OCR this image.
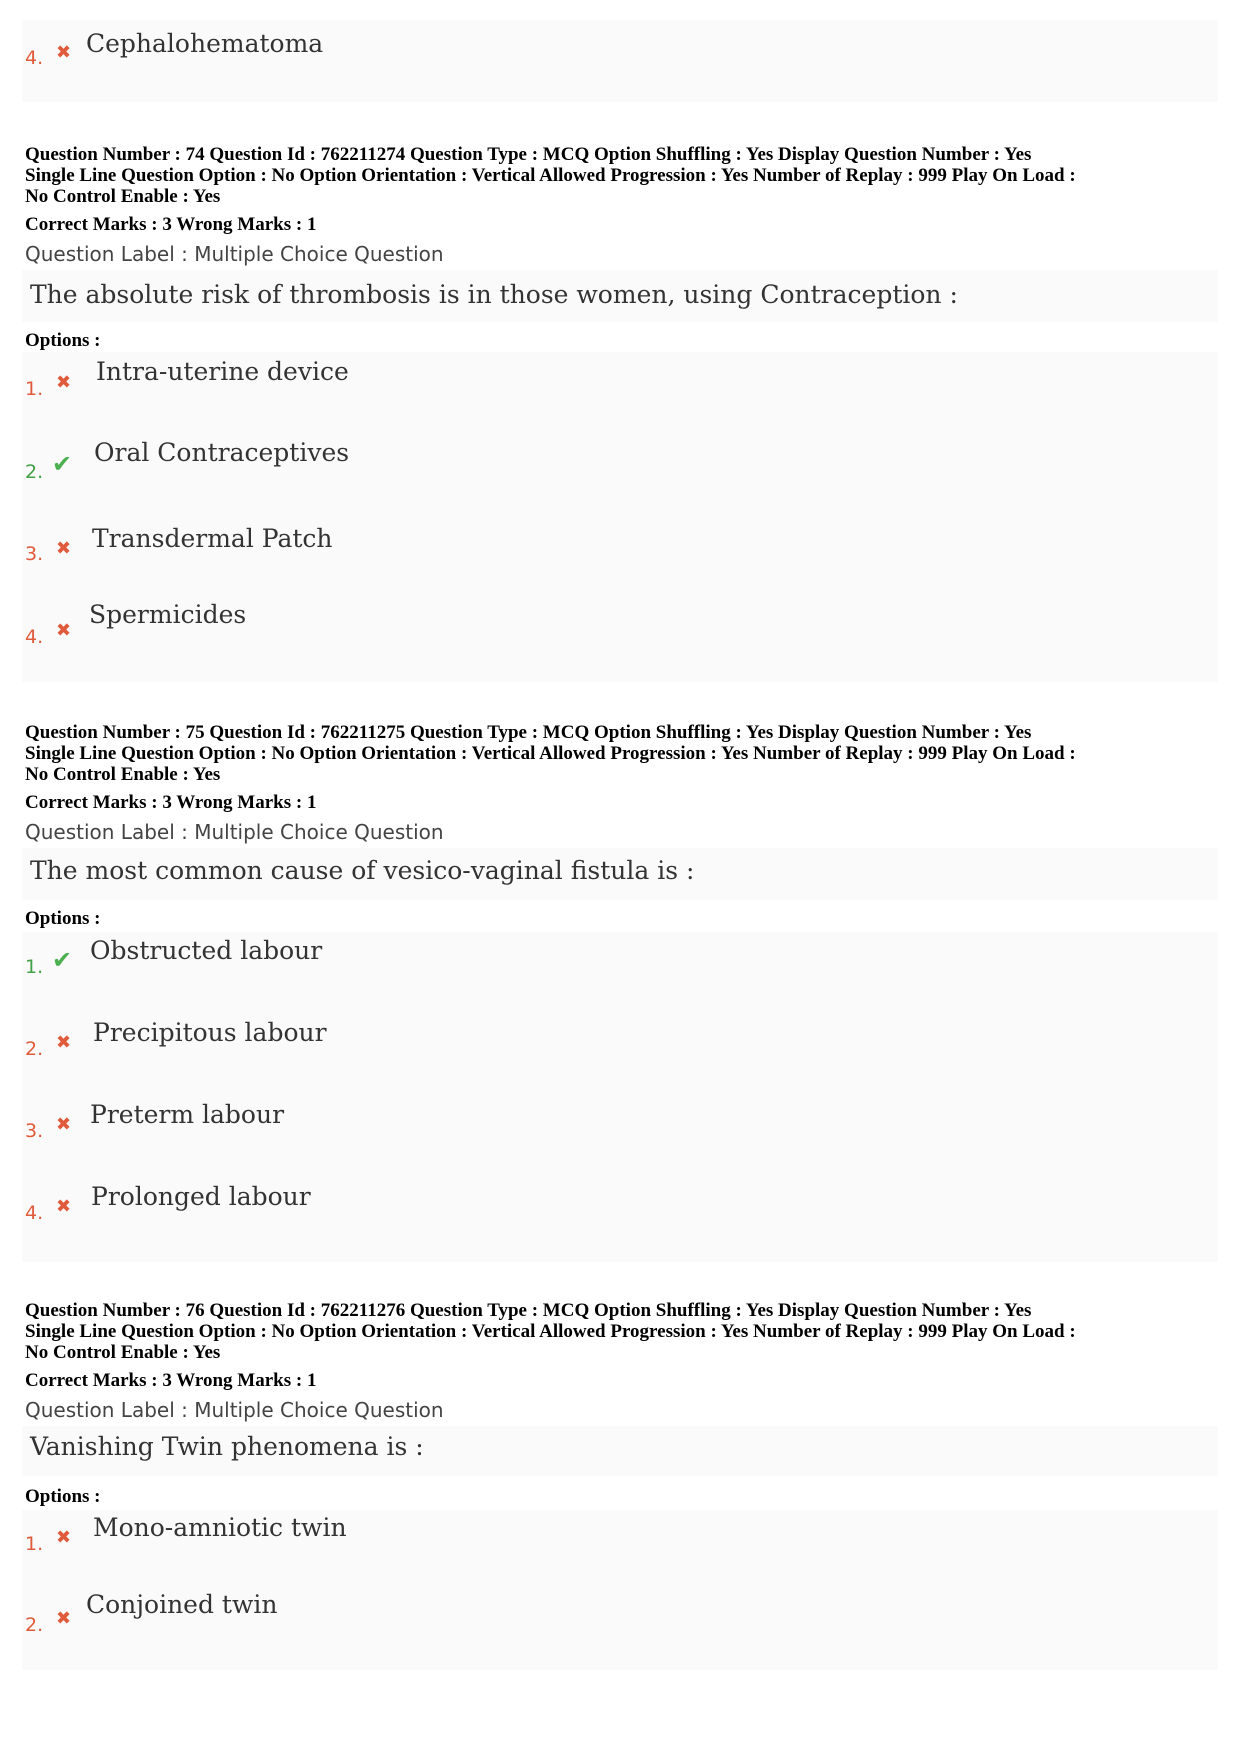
4. ✖ Cephalohematoma
Question Number : 74 Question Id : 762211274 Question Type : MCQ Option Shuffling : Yes Display Question Number : Yes
Single Line Question Option : No Option Orientation : Vertical Allowed Progression : Yes Number of Replay : 999 Play On Load :
No Control Enable : Yes
Correct Marks : 3 Wrong Marks : 1
Question Label : Multiple Choice Question
The absolute risk of thrombosis is in those women, using Contraception :
Options :
1. ✖ Intra-uterine device
2. ✔ Oral Contraceptives
3. ✖ Transdermal Patch
4. ✖
Spermicides
Question Number : 75 Question Id : 762211275 Question Type : MCQ Option Shuffling : Yes Display Question Number : Yes
Single Line Question Option : No Option Orientation : Vertical Allowed Progression : Yes Number of Replay : 999 Play On Load :
No Control Enable : Yes
Correct Marks : 3 Wrong Marks : 1
Question Label : Multiple Choice Question
The most common cause of vesico-vaginal fistula is :
Options :
1. ✔ Obstructed labour
2. ✖ Precipitous labour
3. ✖ Preterm labour
4. ✖ Prolonged labour
Question Number : 76 Question Id : 762211276 Question Type : MCQ Option Shuffling : Yes Display Question Number : Yes
Single Line Question Option : No Option Orientation : Vertical Allowed Progression : Yes Number of Replay : 999 Play On Load :
No Control Enable : Yes
Correct Marks : 3 Wrong Marks : 1
Question Label : Multiple Choice Question
Vanishing Twin phenomena is :
Options :
1. ✖ Mono-amniotic twin
2. ✖ Conjoined twin
